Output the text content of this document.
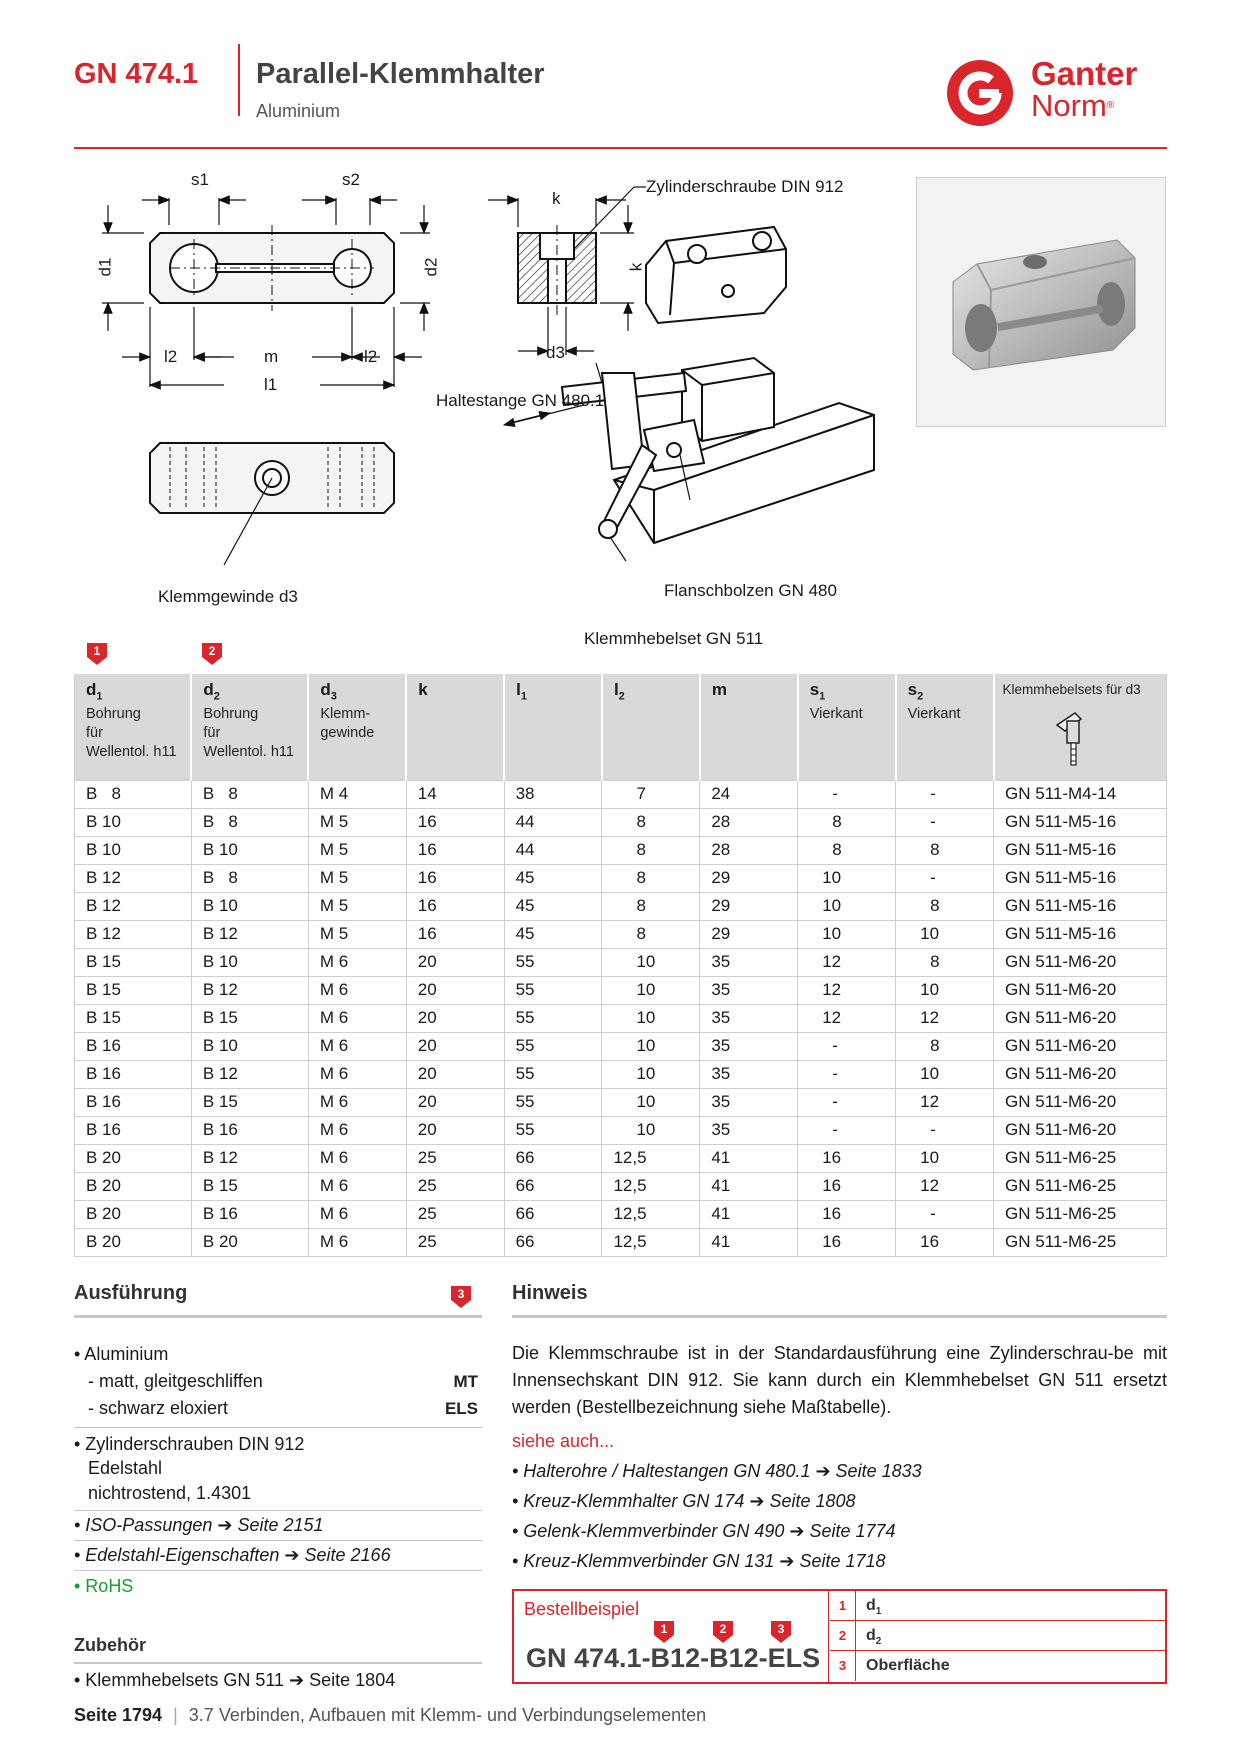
GN 474.1 Parallel-Klemmhalter
Aluminium
Ganter
Norm®
s1	s2
d1	d2
l2	m	l2
l1
k
k
d3
Zylinderschraube DIN 912
Haltestange GN 480.1
Klemmgewinde d3	Flanschbolzen GN 480
Klemmhebelset GN 511
1	2
$d_1$
Bohrung
für
Wellentol. h11	$d_2$
Bohrung
für
Wellentol. h11	$d_3$
Klemm-
gewinde	k	$l_1$	$l_2$	m	$s_1$
Vierkant	$s_2$
Vierkant	Klemmhebelsets für d3

B   8	B   8	M 4	14	38	7	24	-	-	GN 511-M4-14
B 10	B   8	M 5	16	44	8	28	8	-	GN 511-M5-16
B 10	B 10	M 5	16	44	8	28	8	8	GN 511-M5-16
B 12	B   8	M 5	16	45	8	29	10	-	GN 511-M5-16
B 12	B 10	M 5	16	45	8	29	10	8	GN 511-M5-16
B 12	B 12	M 5	16	45	8	29	10	10	GN 511-M5-16
B 15	B 10	M 6	20	55	10	35	12	8	GN 511-M6-20
B 15	B 12	M 6	20	55	10	35	12	10	GN 511-M6-20
B 15	B 15	M 6	20	55	10	35	12	12	GN 511-M6-20
B 16	B 10	M 6	20	55	10	35	-	8	GN 511-M6-20
B 16	B 12	M 6	20	55	10	35	-	10	GN 511-M6-20
B 16	B 15	M 6	20	55	10	35	-	12	GN 511-M6-20
B 16	B 16	M 6	20	55	10	35	-	-	GN 511-M6-20
B 20	B 12	M 6	25	66	12,5	41	16	10	GN 511-M6-25
B 20	B 15	M 6	25	66	12,5	41	16	12	GN 511-M6-25
B 20	B 16	M 6	25	66	12,5	41	16	-	GN 511-M6-25
B 20	B 20	M 6	25	66	12,5	41	16	16	GN 511-M6-25
Ausführung	3
• Aluminium
- matt, gleitgeschliffen	MT
- schwarz eloxiert	ELS
• Zylinderschrauben DIN 912
Edelstahl
nichtrostend, 1.4301
• ISO-Passungen ➔ Seite 2151
• Edelstahl-Eigenschaften ➔ Seite 2166
• RoHS
Zubehör
• Klemmhebelsets GN 511 ➔ Seite 1804
Hinweis
Die Klemmschraube ist in der Standardausführung eine Zylinderschrau-be mit Innensechskant DIN 912. Sie kann durch ein Klemmhebelset GN 511 ersetzt werden (Bestellbezeichnung siehe Maßtabelle).
siehe auch...
• Halterohre / Haltestangen GN 480.1 ➔ Seite 1833
• Kreuz-Klemmhalter GN 174 ➔ Seite 1808
• Gelenk-Klemmverbinder GN 490 ➔ Seite 1774
• Kreuz-Klemmverbinder GN 131 ➔ Seite 1718
Bestellbeispiel
1	2	3
GN 474.1-B12-B12-ELS
1	$d_1$
2	$d_2$
3	Oberfläche
Seite 1794 | 3.7 Verbinden, Aufbauen mit Klemm- und Verbindungselementen
